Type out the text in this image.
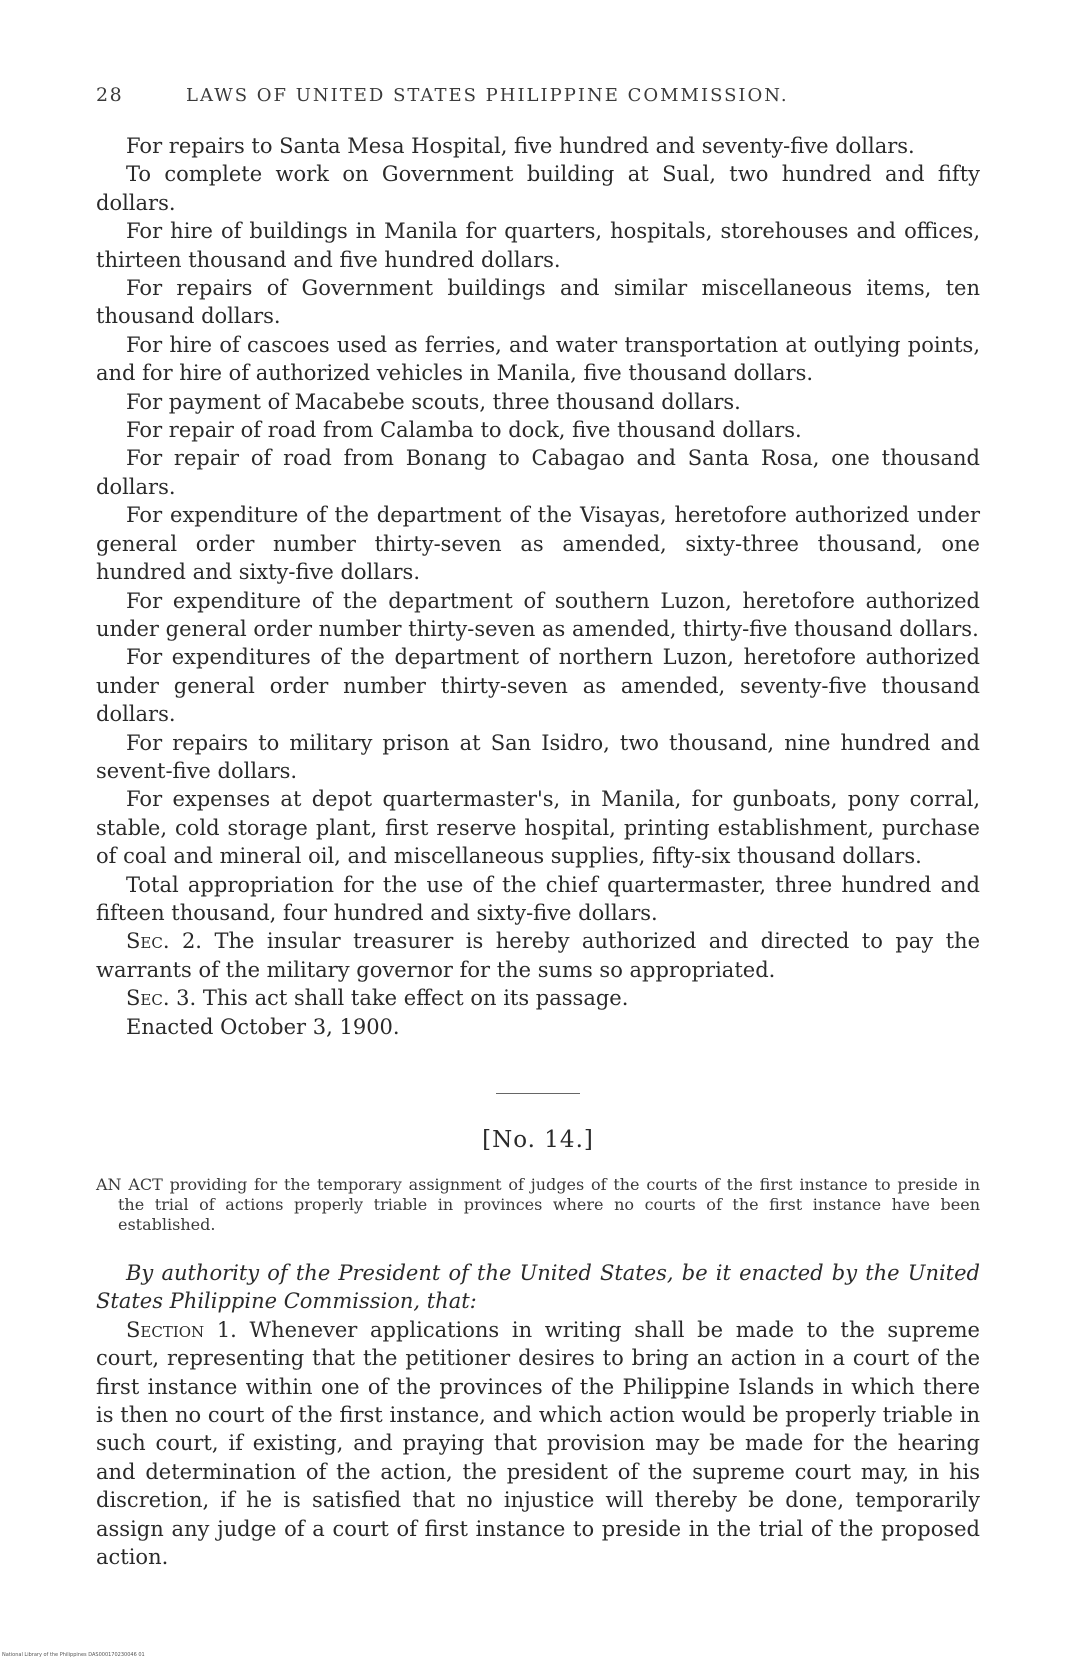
28	LAWS OF UNITED STATES PHILIPPINE COMMISSION.

For repairs to Santa Mesa Hospital, five hundred and seventy-five dollars.

To complete work on Government building at Sual, two hundred and fifty dollars.

For hire of buildings in Manila for quarters, hospitals, storehouses and offices, thirteen thousand and five hundred dollars.

For repairs of Government buildings and similar miscellaneous items, ten thousand dollars.

For hire of cascoes used as ferries, and water transportation at outlying points, and for hire of authorized vehicles in Manila, five thousand dollars.

For payment of Macabebe scouts, three thousand dollars.

For repair of road from Calamba to dock, five thousand dollars.

For repair of road from Bonang to Cabagao and Santa Rosa, one thousand dollars.

For expenditure of the department of the Visayas, heretofore authorized under general order number thirty-seven as amended, sixty-three thousand, one hundred and sixty-five dollars.

For expenditure of the department of southern Luzon, heretofore authorized under general order number thirty-seven as amended, thirty-five thousand dollars.

For expenditures of the department of northern Luzon, heretofore authorized under general order number thirty-seven as amended, seventy-five thousand dollars.

For repairs to military prison at San Isidro, two thousand, nine hundred and sevent-five dollars.

For expenses at depot quartermaster's, in Manila, for gunboats, pony corral, stable, cold storage plant, first reserve hospital, printing establishment, purchase of coal and mineral oil, and miscellaneous supplies, fifty-six thousand dollars.

Total appropriation for the use of the chief quartermaster, three hundred and fifteen thousand, four hundred and sixty-five dollars.

Sec. 2. The insular treasurer is hereby authorized and directed to pay the warrants of the military governor for the sums so appropriated.

Sec. 3. This act shall take effect on its passage.

Enacted October 3, 1900.

[No. 14.]

AN ACT providing for the temporary assignment of judges of the courts of the first instance to preside in the trial of actions properly triable in provinces where no courts of the first instance have been established.

By authority of the President of the United States, be it enacted by the United States Philippine Commission, that:

Section 1. Whenever applications in writing shall be made to the supreme court, representing that the petitioner desires to bring an action in a court of the first instance within one of the provinces of the Philippine Islands in which there is then no court of the first instance, and which action would be properly triable in such court, if existing, and praying that provision may be made for the hearing and determination of the action, the president of the supreme court may, in his discretion, if he is satisfied that no injustice will thereby be done, temporarily assign any judge of a court of first instance to preside in the trial of the proposed action.

National Library of the Philippines DAS000170230046 01
